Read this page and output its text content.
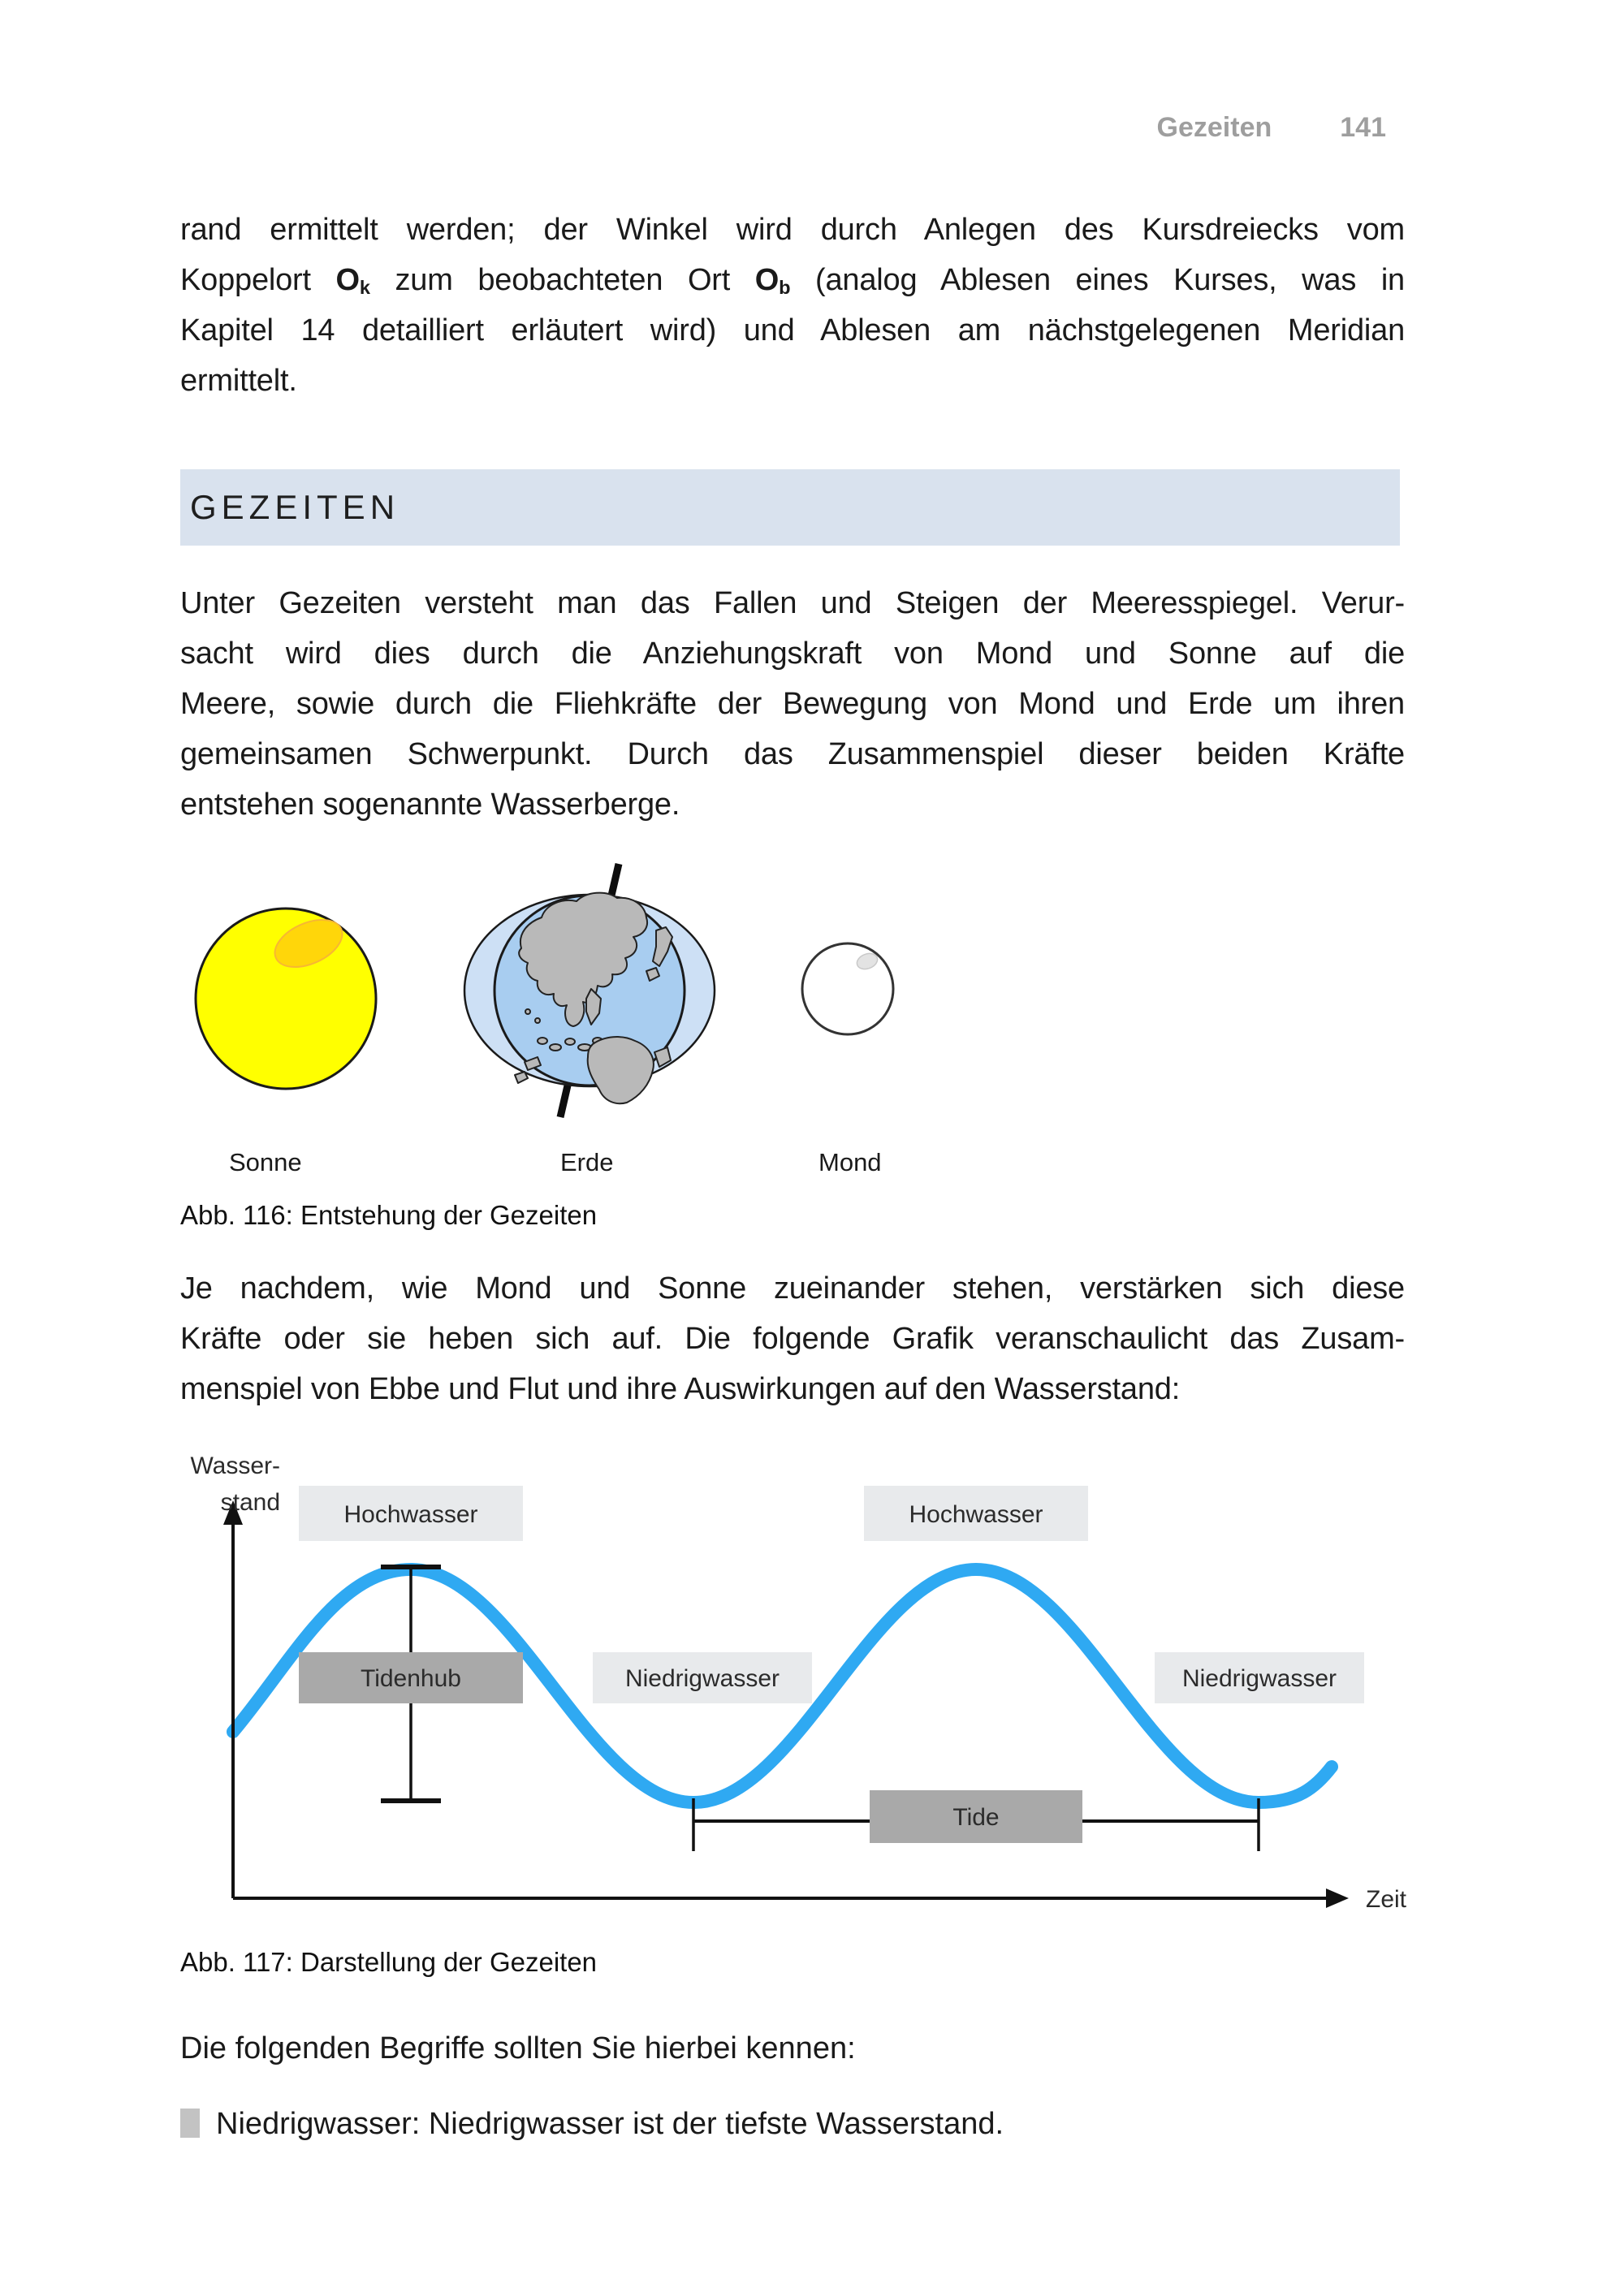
Gezeiten 141
rand ermittelt werden; der Winkel wird durch Anlegen des Kursdreiecks vom
Koppelort $O_k$ zum beobachteten Ort $O_b$ (analog Ablesen eines Kurses, was in
Kapitel 14 detailliert erläutert wird) und Ablesen am nächstgelegenen Meridian
ermittelt.
GEZEITEN
Unter Gezeiten versteht man das Fallen und Steigen der Meeresspiegel. Verur-
sacht wird dies durch die Anziehungskraft von Mond und Sonne auf die
Meere, sowie durch die Fliehkräfte der Bewegung von Mond und Erde um ihren
gemeinsamen Schwerpunkt. Durch das Zusammenspiel dieser beiden Kräfte
entstehen sogenannte Wasserberge.
Sonne	Erde	Mond
Abb. 116: Entstehung der Gezeiten
Je nachdem, wie Mond und Sonne zueinander stehen, verstärken sich diese
Kräfte oder sie heben sich auf. Die folgende Grafik veranschaulicht das Zusam-
menspiel von Ebbe und Flut und ihre Auswirkungen auf den Wasserstand:
Hochwasser	Hochwasser
Tidenhub	Niedrigwasser	Niedrigwasser
Tide
Wasser-
stand
Zeit
Abb. 117: Darstellung der Gezeiten
Die folgenden Begriffe sollten Sie hierbei kennen:
Niedrigwasser: Niedrigwasser ist der tiefste Wasserstand.
